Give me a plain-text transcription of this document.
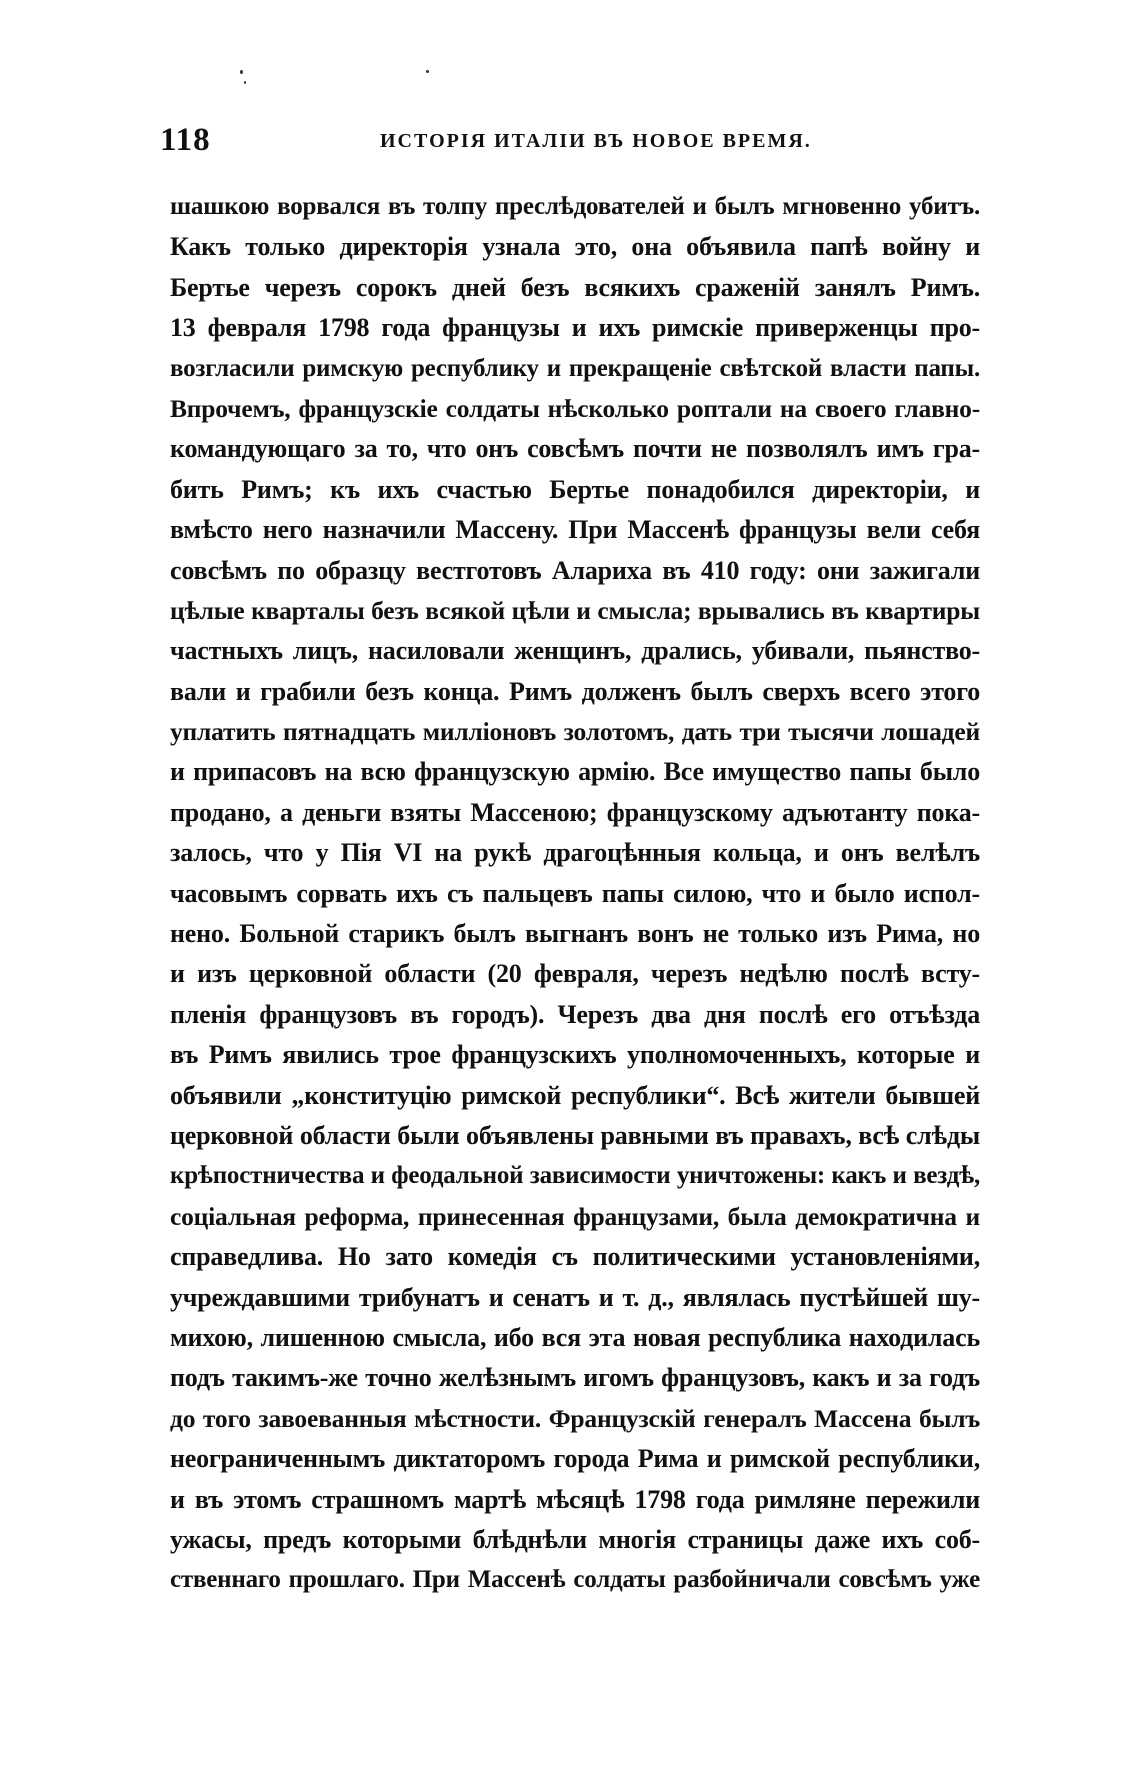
118	ИСТОРІЯ ИТАЛІИ ВЪ НОВОЕ ВРЕМЯ.
шашкою ворвался въ толпу преслѣдователей и былъ мгновенно убитъ.
Какъ только директорія узнала это, она объявила папѣ войну и
Бертье черезъ сорокъ дней безъ всякихъ сраженій занялъ Римъ.
13 февраля 1798 года французы и ихъ римскіе приверженцы про-
возгласили римскую республику и прекращеніе свѣтской власти папы.
Впрочемъ, французскіе солдаты нѣсколько роптали на своего главно-
командующаго за то, что онъ совсѣмъ почти не позволялъ имъ гра-
бить Римъ; къ ихъ счастью Бертье понадобился директоріи, и
вмѣсто него назначили Массену. При Массенѣ французы вели себя
совсѣмъ по образцу вестготовъ Алариха въ 410 году: они зажигали
цѣлые кварталы безъ всякой цѣли и смысла; врывались въ квартиры
частныхъ лицъ, насиловали женщинъ, дрались, убивали, пьянство-
вали и грабили безъ конца. Римъ долженъ былъ сверхъ всего этого
уплатить пятнадцать милліоновъ золотомъ, дать три тысячи лошадей
и припасовъ на всю французскую армію. Все имущество папы было
продано, а деньги взяты Массеною; французскому адъютанту пока-
залось, что у Пія VI на рукѣ драгоцѣнныя кольца, и онъ велѣлъ
часовымъ сорвать ихъ съ пальцевъ папы силою, что и было испол-
нено. Больной старикъ былъ выгнанъ вонъ не только изъ Рима, но
и изъ церковной области (20 февраля, черезъ недѣлю послѣ всту-
пленія французовъ въ городъ). Черезъ два дня послѣ его отъѣзда
въ Римъ явились трое французскихъ уполномоченныхъ, которые и
объявили „конституцію римской республики“. Всѣ жители бывшей
церковной области были объявлены равными въ правахъ, всѣ слѣды
крѣпостничества и феодальной зависимости уничтожены: какъ и вездѣ,
соціальная реформа, принесенная французами, была демократична и
справедлива. Но зато комедія съ политическими установленіями,
учреждавшими трибунатъ и сенатъ и т. д., являлась пустѣйшей шу-
михою, лишенною смысла, ибо вся эта новая республика находилась
подъ такимъ-же точно желѣзнымъ игомъ французовъ, какъ и за годъ
до того завоеванныя мѣстности. Французскій генералъ Массена былъ
неограниченнымъ диктаторомъ города Рима и римской республики,
и въ этомъ страшномъ мартѣ мѣсяцѣ 1798 года римляне пережили
ужасы, предъ которыми блѣднѣли многія страницы даже ихъ соб-
ственнаго прошлаго. При Массенѣ солдаты разбойничали совсѣмъ уже
